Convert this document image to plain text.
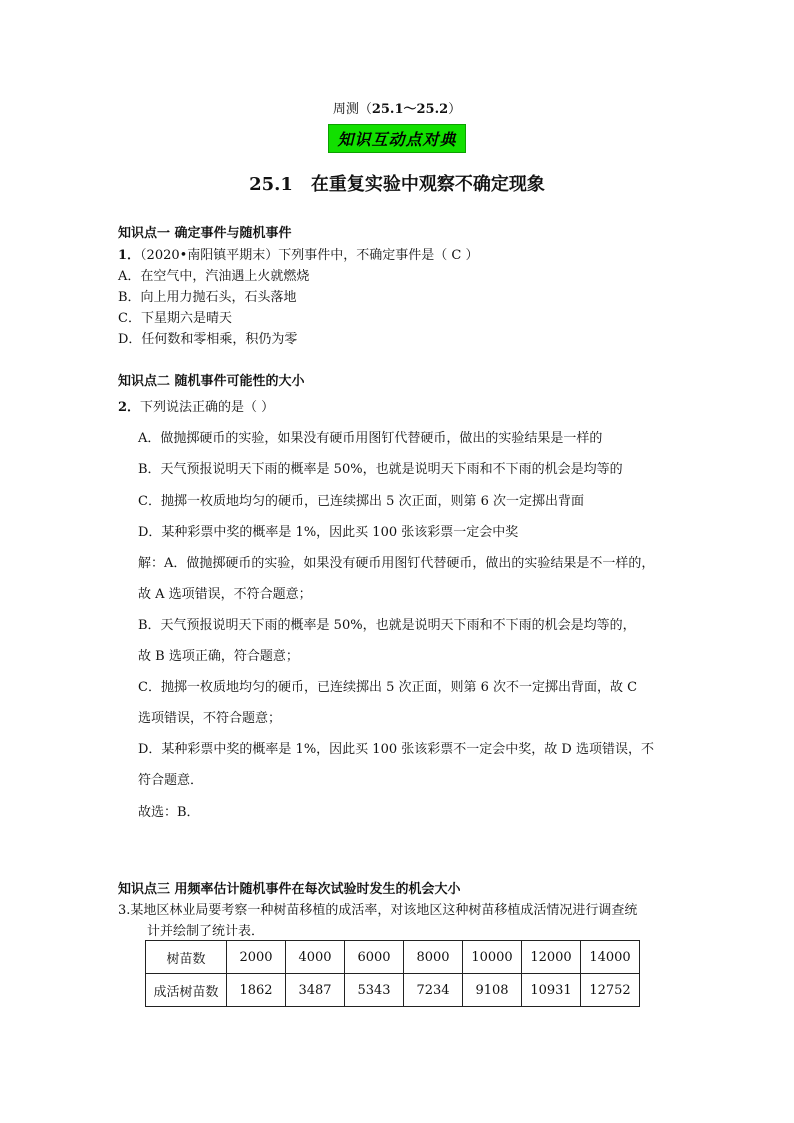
周测（25.1～25.2）
知识互动点对典
25.1 在重复实验中观察不确定现象
知识点一 确定事件与随机事件
1．（2020•南阳镇平期末）下列事件中，不确定事件是（ C ）
A．在空气中，汽油遇上火就燃烧
B．向上用力抛石头，石头落地
C．下星期六是晴天
D．任何数和零相乘，积仍为零
知识点二 随机事件可能性的大小
2．下列说法正确的是（ ）
A．做抛掷硬币的实验，如果没有硬币用图钉代替硬币，做出的实验结果是一样的
B．天气预报说明天下雨的概率是 50%，也就是说明天下雨和不下雨的机会是均等的
C．抛掷一枚质地均匀的硬币，已连续掷出 5 次正面，则第 6 次一定掷出背面
D．某种彩票中奖的概率是 1%，因此买 100 张该彩票一定会中奖
解：A．做抛掷硬币的实验，如果没有硬币用图钉代替硬币，做出的实验结果是不一样的，
故 A 选项错误，不符合题意；
B．天气预报说明天下雨的概率是 50%，也就是说明天下雨和不下雨的机会是均等的，
故 B 选项正确，符合题意；
C．抛掷一枚质地均匀的硬币，已连续掷出 5 次正面，则第 6 次不一定掷出背面，故 C
选项错误，不符合题意；
D．某种彩票中奖的概率是 1%，因此买 100 张该彩票不一定会中奖，故 D 选项错误，不
符合题意．
故选：B．
知识点三 用频率估计随机事件在每次试验时发生的机会大小
3.某地区林业局要考察一种树苗移植的成活率，对该地区这种树苗移植成活情况进行调查统
计并绘制了统计表．
树苗数	2000	4000	6000	8000	10000	12000	14000
成活树苗数	1862	3487	5343	7234	9108	10931	12752
